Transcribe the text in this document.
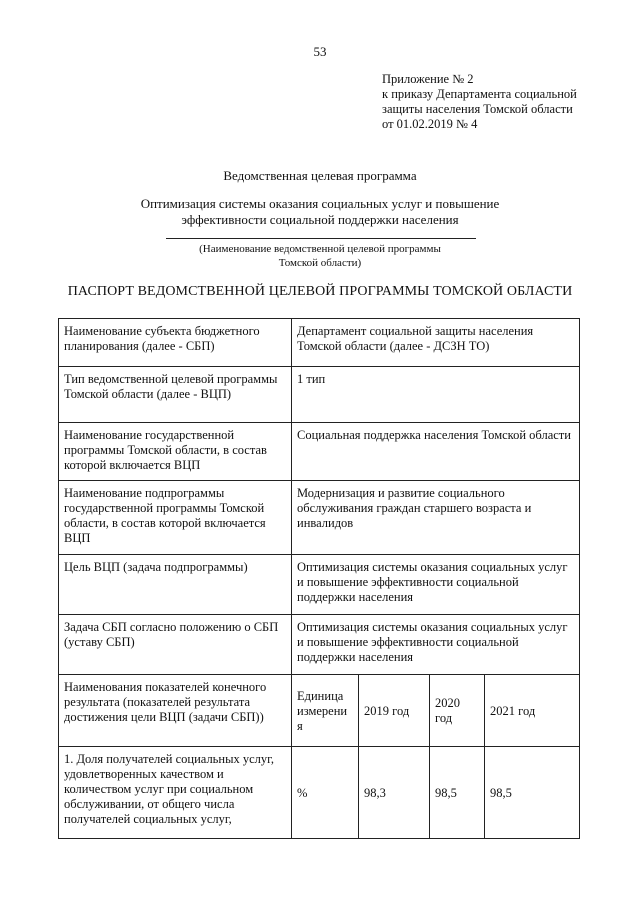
53
Приложение № 2
к приказу Департамента социальной
защиты населения Томской области
от 01.02.2019 № 4
Ведомственная целевая программа
Оптимизация системы оказания социальных услуг и повышение
эффективности социальной поддержки населения
(Наименование ведомственной целевой программы
Томской области)
ПАСПОРТ ВЕДОМСТВЕННОЙ ЦЕЛЕВОЙ ПРОГРАММЫ ТОМСКОЙ ОБЛАСТИ
Наименование субъекта бюджетного планирования (далее - СБП)	Департамент социальной защиты населения Томской области (далее - ДСЗН ТО)			
Тип ведомственной целевой программы Томской области (далее - ВЦП)	1 тип			
Наименование государственной программы Томской области, в состав которой включается ВЦП	Социальная поддержка населения Томской области			
Наименование подпрограммы государственной программы Томской области, в состав которой включается ВЦП	Модернизация и развитие социального обслуживания граждан старшего возраста и инвалидов			
Цель ВЦП (задача подпрограммы)	Оптимизация системы оказания социальных услуг и повышение эффективности социальной поддержки населения			
Задача СБП согласно положению о СБП (уставу СБП)	Оптимизация системы оказания социальных услуг и повышение эффективности социальной поддержки населения			
Наименования показателей конечного результата (показателей результата достижения цели ВЦП (задачи СБП))	Единица измерени я	2019 год	2020 год	2021 год
1. Доля получателей социальных услуг, удовлетворенных качеством и количеством услуг при социальном обслуживании, от общего числа получателей социальных услуг,	%	98,3	98,5	98,5
